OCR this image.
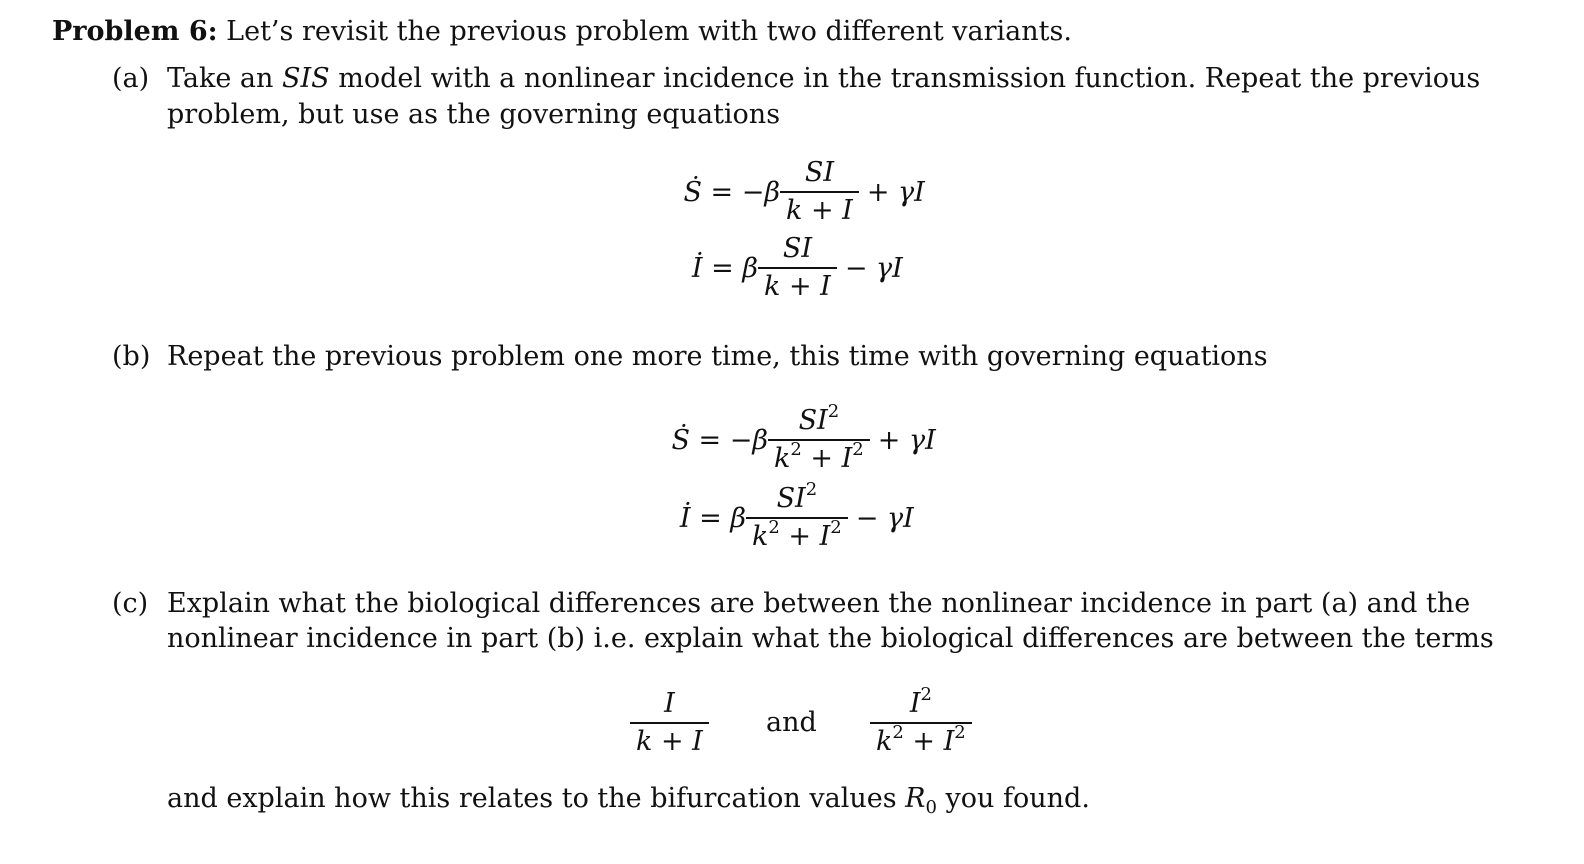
Problem 6: Let’s revisit the previous problem with two different variants.
(a) Take an SIS model with a nonlinear incidence in the transmission function. Repeat the previous
problem, but use as the governing equations
Ṡ = $-\beta \frac{SI}{k + I} + \gamma I$
İ = β $\frac{SI}{k + I} - \gamma I$
(b) Repeat the previous problem one more time, this time with governing equations
Ṡ = $-\beta \frac{SI^2}{k^2 + I^2} + \gamma I$
İ = β $\frac{SI^2}{k^2 + I^2} - \gamma I$
(c) Explain what the biological differences are between the nonlinear incidence in part (a) and the
nonlinear incidence in part (b) i.e. explain what the biological differences are between the terms
$\frac{I}{k + I}$ and $\frac{I^2}{k^2 + I^2}$
and explain how this relates to the bifurcation values $R_0$ you found.
